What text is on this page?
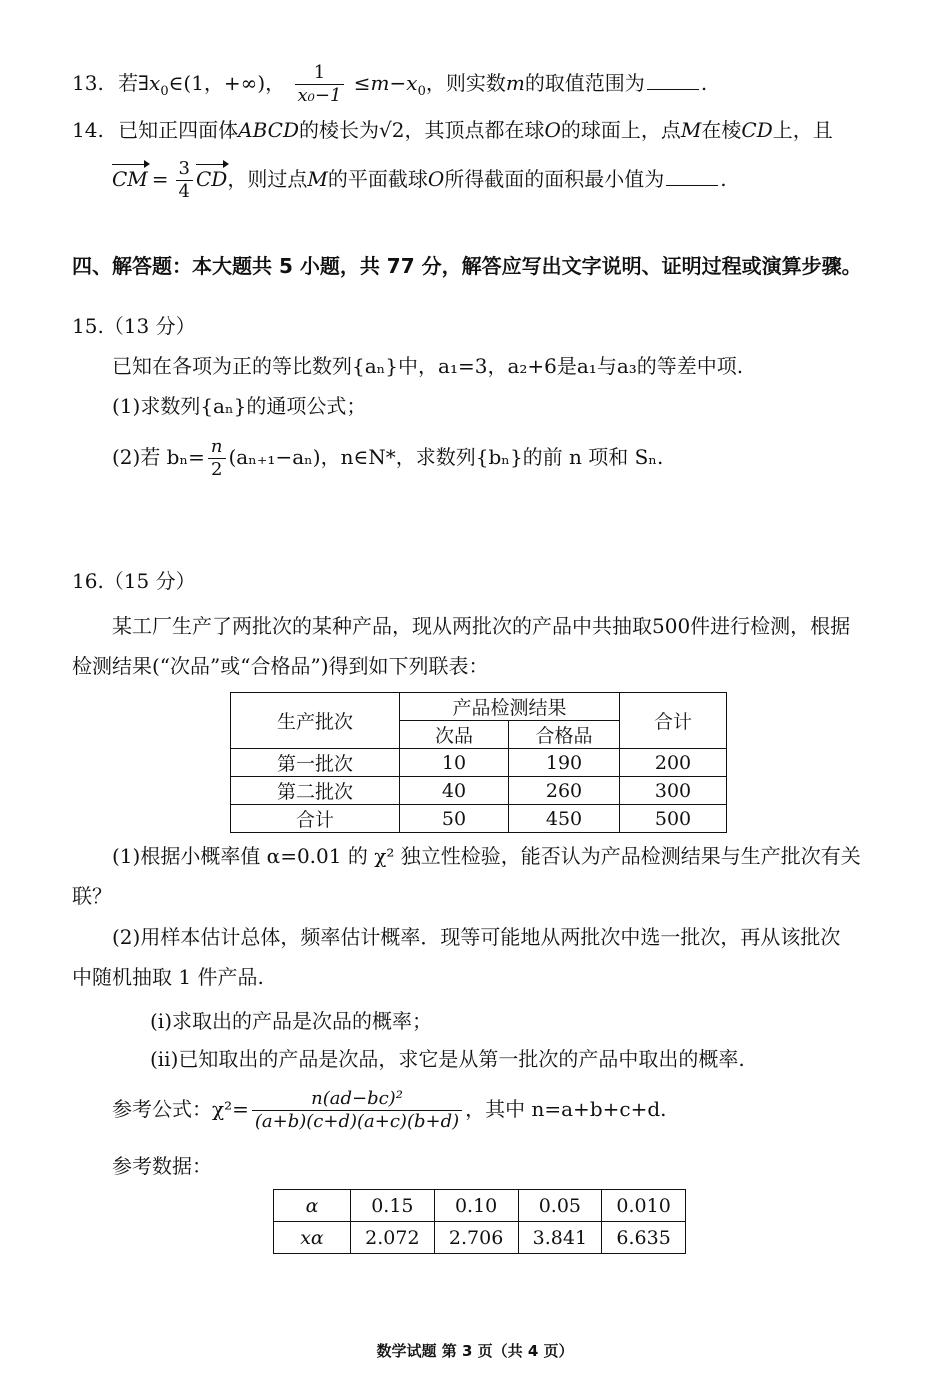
13. 若$\exists x_0\in(1$，+∞)， $\frac{1}{\text{x₀−1}} \le m-x_0$，则实数m的取值范围为	.
14. 已知正四面体ABCD的棱长为√2，其顶点都在球O的球面上，点M在棱CD上，且
CM = $\frac{3}{4}$ CD，则过点M的平面截球O所得截面的面积最小值为	.
四、解答题：本大题共 5 小题，共 77 分，解答应写出文字说明、证明过程或演算步骤。
15.（13 分）
已知在各项为正的等比数列{aₙ}中，a₁=3，a₂+6是a₁与a₃的等差中项.
(1)求数列{aₙ}的通项公式；
(2)若 $b_n= \frac{n}{2} (a_{n+1}-a_n)$，n∈N*，求数列{bₙ}的前 n 项和 Sₙ.
16.（15 分）
某工厂生产了两批次的某种产品，现从两批次的产品中共抽取500件进行检测，根据
检测结果(“次品”或“合格品”)得到如下列联表：
生产批次	产品检测结果		合计
	次品	合格品	
第一批次	10	190	200
第二批次	40	260	300
合计	50	450	500
(1)根据小概率值 α=0.01 的 χ² 独立性检验，能否认为产品检测结果与生产批次有关
联？
(2)用样本估计总体，频率估计概率．现等可能地从两批次中选一批次，再从该批次
中随机抽取 1 件产品.
(ⅰ)求取出的产品是次品的概率；
(ⅱ)已知取出的产品是次品，求它是从第一批次的产品中取出的概率.
参考公式：$\chi^2= \frac{\text{n(ad−bc)²}}{(a+b)(c+d)(a+c)(b+d)}$ ，其中 n=a+b+c+d.
参考数据：
α	0.15	0.10	0.05	0.010
xα	2.072	2.706	3.841	6.635
数学试题 第 3 页（共 4 页）
